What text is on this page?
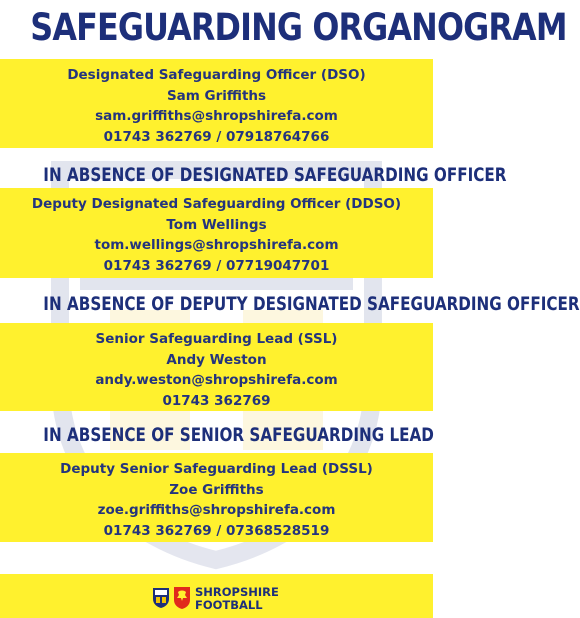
SAFEGUARDING ORGANOGRAM
Designated Safeguarding Officer (DSO)
Sam Griffiths
sam.griffiths@shropshirefa.com
01743 362769 / 07918764766
IN ABSENCE OF DESIGNATED SAFEGUARDING OFFICER
Deputy Designated Safeguarding Officer (DDSO)
Tom Wellings
tom.wellings@shropshirefa.com
01743 362769 / 07719047701
IN ABSENCE OF DEPUTY DESIGNATED SAFEGUARDING OFFICER
Senior Safeguarding Lead (SSL)
Andy Weston
andy.weston@shropshirefa.com
01743 362769
IN ABSENCE OF SENIOR SAFEGUARDING LEAD
Deputy Senior Safeguarding Lead (DSSL)
Zoe Griffiths
zoe.griffiths@shropshirefa.com
01743 362769 / 07368528519
SHROPSHIRE
FOOTBALL
